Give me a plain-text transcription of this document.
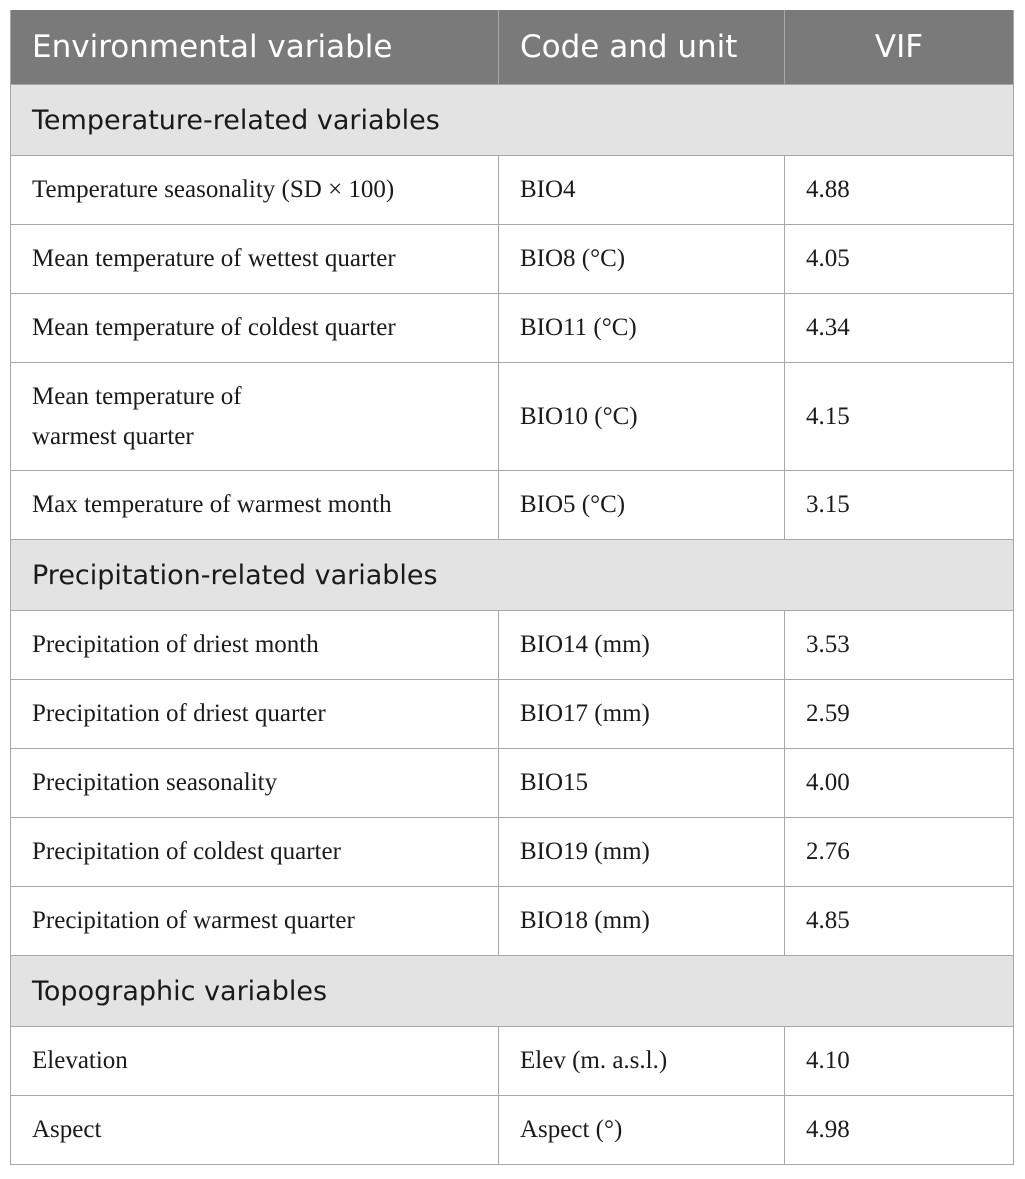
Environmental variable	Code and unit	VIF
Temperature-related variables		
Temperature seasonality (SD × 100)	BIO4	4.88
Mean temperature of wettest quarter	BIO8 (°C)	4.05
Mean temperature of coldest quarter	BIO11 (°C)	4.34
Mean temperature of warmest quarter	BIO10 (°C)	4.15
Max temperature of warmest month	BIO5 (°C)	3.15
Precipitation-related variables		
Precipitation of driest month	BIO14 (mm)	3.53
Precipitation of driest quarter	BIO17 (mm)	2.59
Precipitation seasonality	BIO15	4.00
Precipitation of coldest quarter	BIO19 (mm)	2.76
Precipitation of warmest quarter	BIO18 (mm)	4.85
Topographic variables		
Elevation	Elev (m. a.s.l.)	4.10
Aspect	Aspect (°)	4.98
